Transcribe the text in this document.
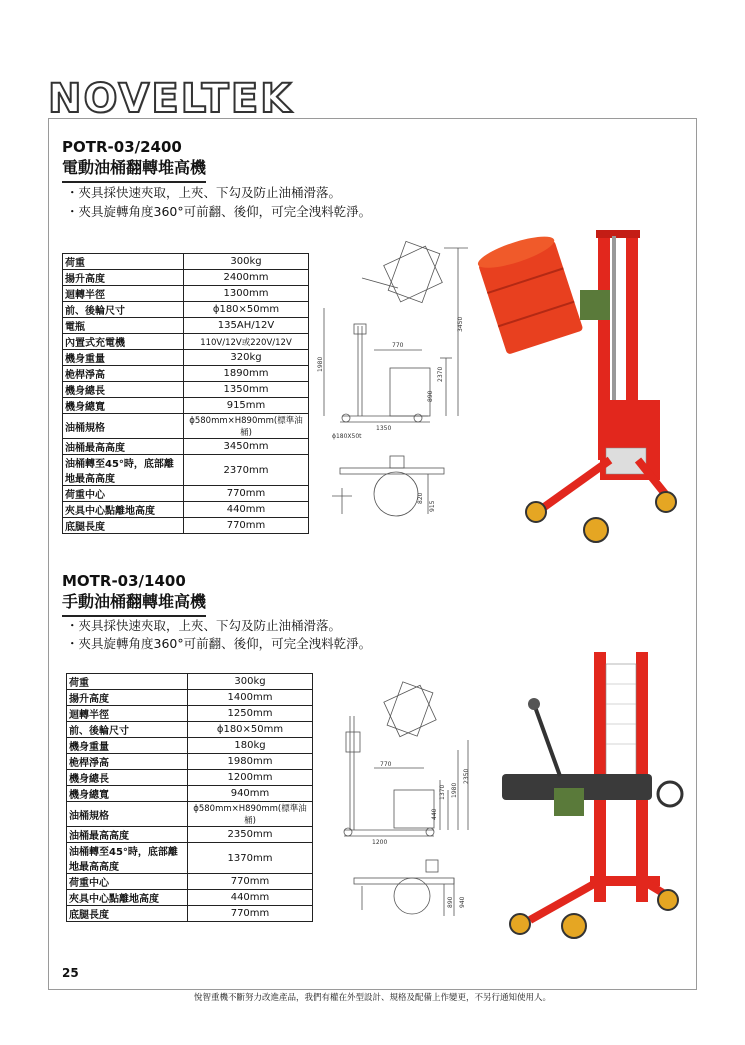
NOVELTEK
POTR-03/2400
電動油桶翻轉堆高機
・夾具採快速夾取，上夾、下勾及防止油桶滑落。
・夾具旋轉角度360°可前翻、後仰，可完全洩料乾淨。
荷重	300kg
揚升高度	2400mm
迴轉半徑	1300mm
前、後輪尺寸	ϕ180×50mm
電瓶	135AH/12V
內置式充電機	110V/12V或220V/12V
機身重量	320kg
桅桿淨高	1890mm
機身總長	1350mm
機身總寬	915mm
油桶規格	ϕ580mm×H890mm(標準油桶)
油桶最高高度	3450mm
油桶轉至45°時，底部離地最高高度	2370mm
荷重中心	770mm
夾具中心點離地高度	440mm
底腿長度	770mm
770
1980
2370
3450
890
1350
ϕ180X50t
820
915
MOTR-03/1400
手動油桶翻轉堆高機
・夾具採快速夾取，上夾、下勾及防止油桶滑落。
・夾具旋轉角度360°可前翻、後仰，可完全洩料乾淨。
荷重	300kg
揚升高度	1400mm
迴轉半徑	1250mm
前、後輪尺寸	ϕ180×50mm
機身重量	180kg
桅桿淨高	1980mm
機身總長	1200mm
機身總寬	940mm
油桶規格	ϕ580mm×H890mm(標準油桶)
油桶最高高度	2350mm
油桶轉至45°時，底部離地最高高度	1370mm
荷重中心	770mm
夾具中心點離地高度	440mm
底腿長度	770mm
770
2350
1370 1980
440
1200
940
890
25
悅智重機不斷努力改進產品，我們有權在外型設計、規格及配備上作變更，不另行通知使用人。
